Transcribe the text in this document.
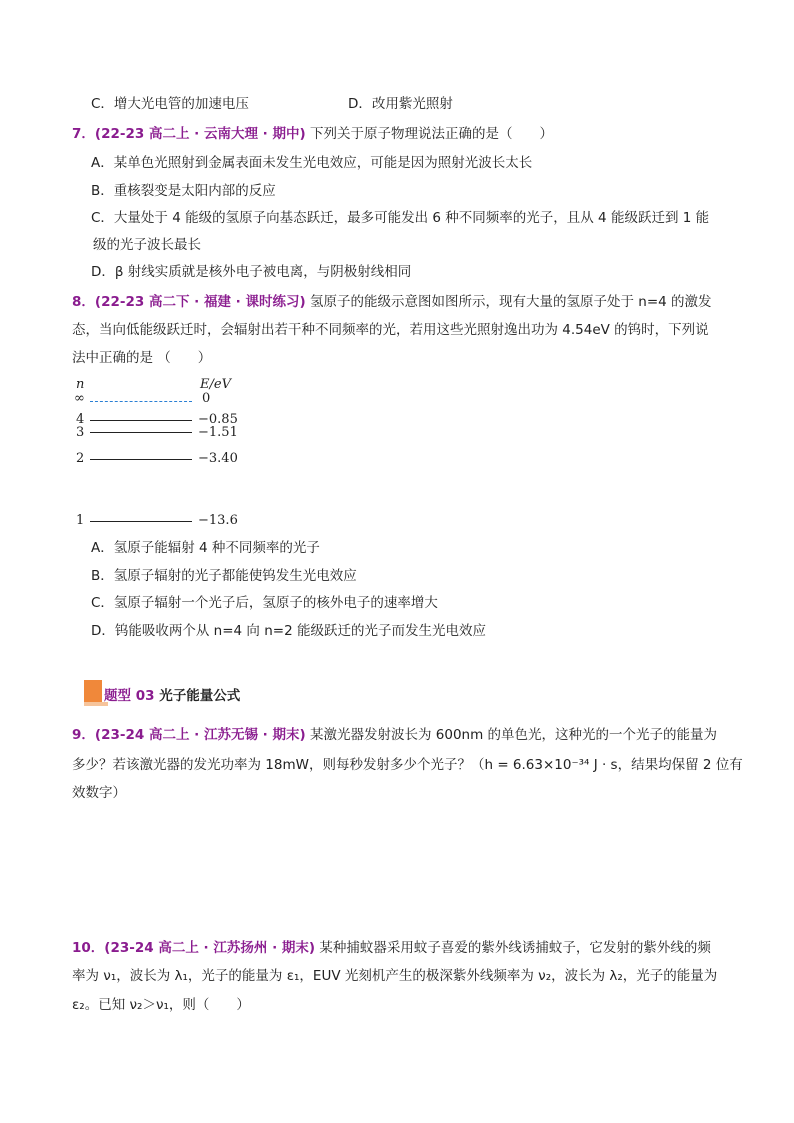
C．增大光电管的加速电压	D．改用紫光照射
7．(22-23 高二上 · 云南大理 · 期中) 下列关于原子物理说法正确的是（　　）
A．某单色光照射到金属表面未发生光电效应，可能是因为照射光波长太长
B．重核裂变是太阳内部的反应
C．大量处于 4 能级的氢原子向基态跃迁，最多可能发出 6 种不同频率的光子，且从 4 能级跃迁到 1 能
级的光子波长最长
D．β 射线实质就是核外电子被电离，与阴极射线相同
8．(22-23 高二下 · 福建 · 课时练习) 氢原子的能级示意图如图所示，现有大量的氢原子处于 n=4 的激发
态，当向低能级跃迁时，会辐射出若干种不同频率的光，若用这些光照射逸出功为 4.54eV 的钨时，下列说
法中正确的是 （　　）
n	E/eV
∞	0
4	−0.85
3	−1.51
2	−3.40
1	−13.6
A．氢原子能辐射 4 种不同频率的光子
B．氢原子辐射的光子都能使钨发生光电效应
C．氢原子辐射一个光子后，氢原子的核外电子的速率增大
D．钨能吸收两个从 n=4 向 n=2 能级跃迁的光子而发生光电效应
题型 03 光子能量公式
9．(23-24 高二上 · 江苏无锡 · 期末) 某激光器发射波长为 600nm 的单色光，这种光的一个光子的能量为
多少？若该激光器的发光功率为 18mW，则每秒发射多少个光子？（h = 6.63×10⁻³⁴ J · s，结果均保留 2 位有
效数字）
10．(23-24 高二上 · 江苏扬州 · 期末) 某种捕蚊器采用蚊子喜爱的紫外线诱捕蚊子，它发射的紫外线的频
率为 ν₁，波长为 λ₁，光子的能量为 ε₁，EUV 光刻机产生的极深紫外线频率为 ν₂，波长为 λ₂，光子的能量为
ε₂。已知 ν₂＞ν₁，则（　　）
